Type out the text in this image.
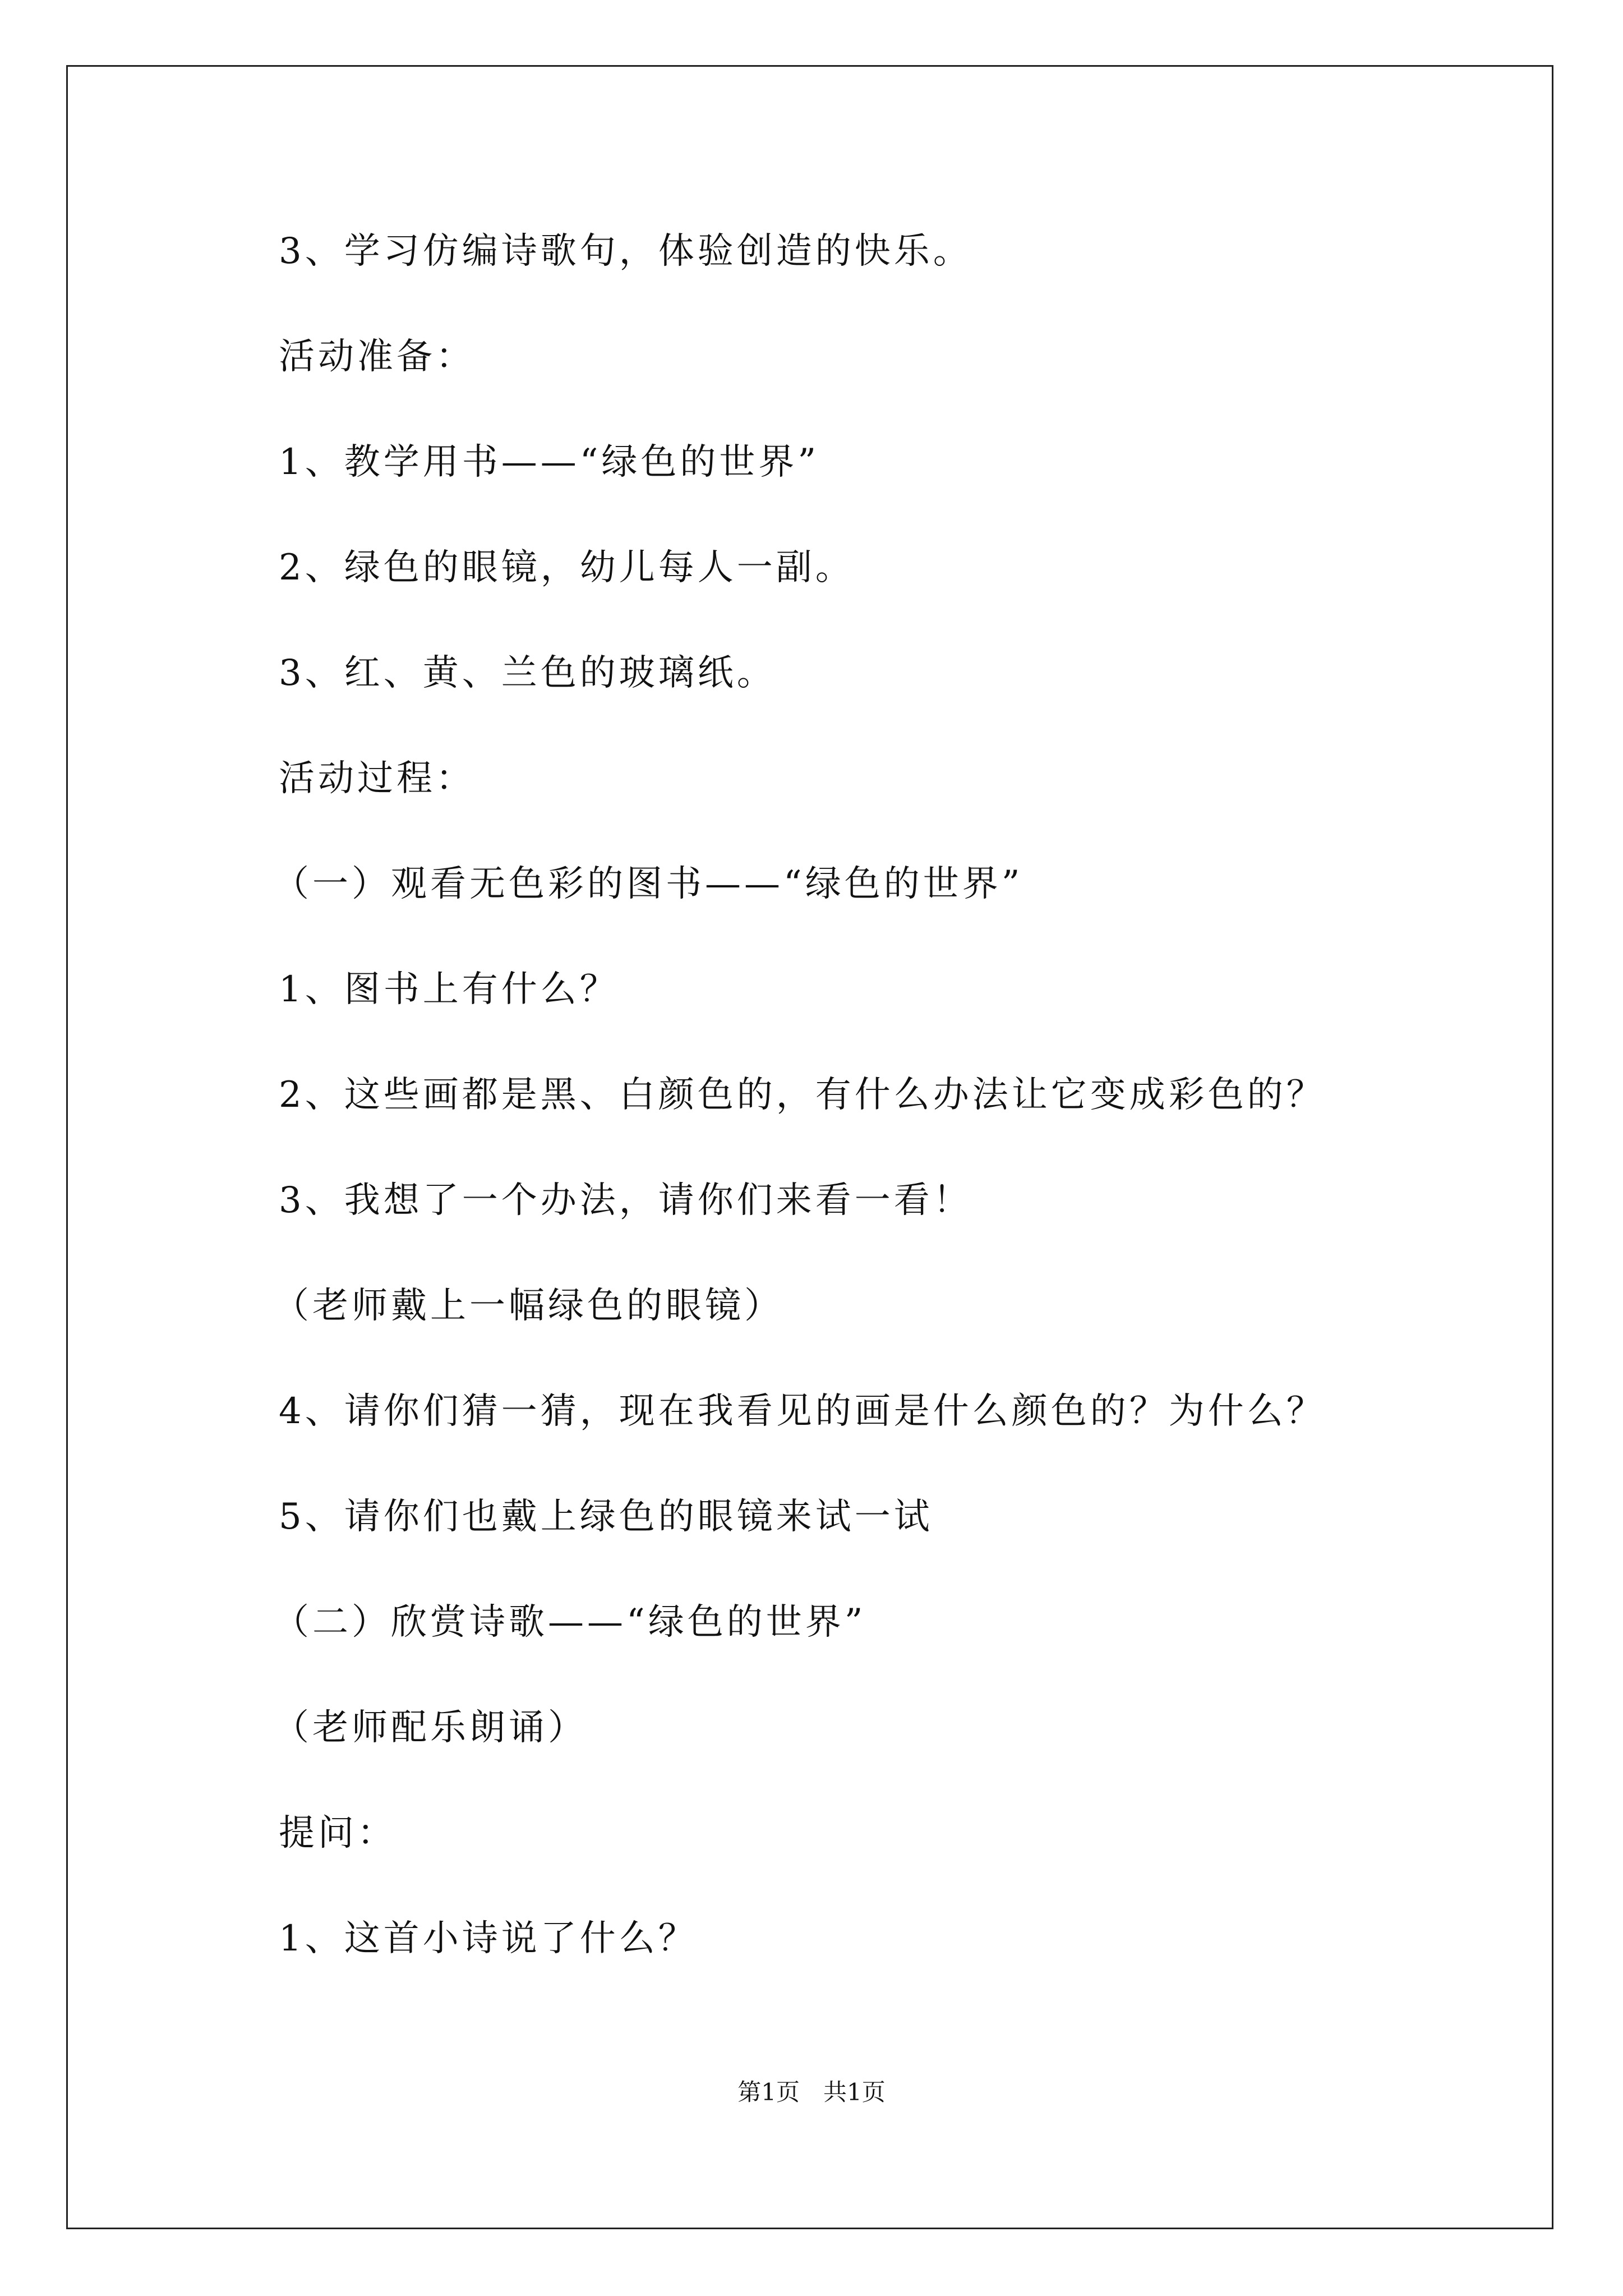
3、学习仿编诗歌句，体验创造的快乐。
活动准备：
1、教学用书——“绿色的世界”
2、绿色的眼镜，幼儿每人一副。
3、红、黄、兰色的玻璃纸。
活动过程：
（一）观看无色彩的图书——“绿色的世界”
1、图书上有什么？
2、这些画都是黑、白颜色的，有什么办法让它变成彩色的？
3、我想了一个办法，请你们来看一看！
（老师戴上一幅绿色的眼镜）
4、请你们猜一猜，现在我看见的画是什么颜色的？为什么？
5、请你们也戴上绿色的眼镜来试一试
（二）欣赏诗歌——“绿色的世界”
（老师配乐朗诵）
提问：
1、这首小诗说了什么？
第1页　共1页
